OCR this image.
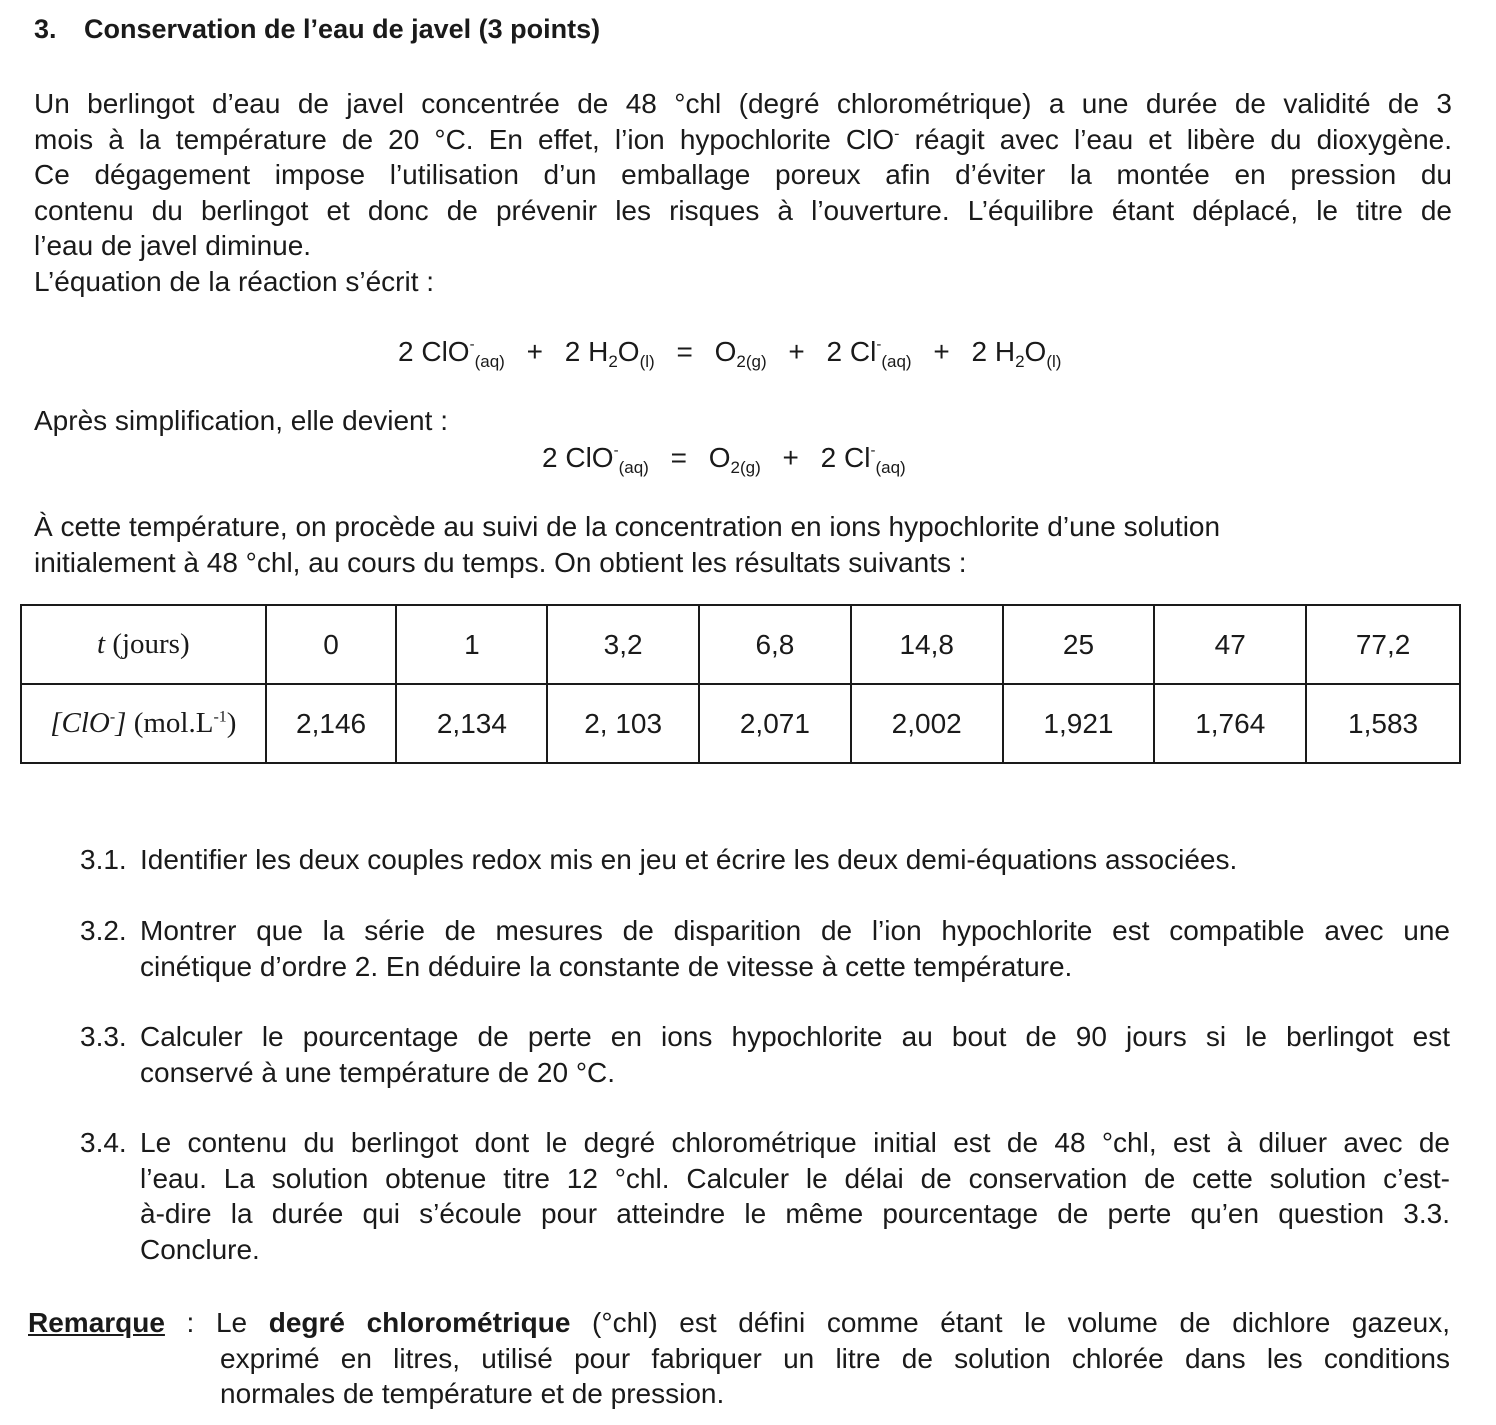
3. Conservation de l’eau de javel (3 points)
Un berlingot d’eau de javel concentrée de 48 °chl (degré chlorométrique) a une durée de validité de 3
mois à la température de 20 °C. En effet, l’ion hypochlorite ClO- réagit avec l’eau et libère du dioxygène.
Ce dégagement impose l’utilisation d’un emballage poreux afin d’éviter la montée en pression du
contenu du berlingot et donc de prévenir les risques à l’ouverture. L’équilibre étant déplacé, le titre de
l’eau de javel diminue.
L’équation de la réaction s’écrit :
2 ClO-$_{(aq)}$ + 2 $H_2O_{(l)} = O_{2(g)} + 2$ $Cl^-_{(aq)} + 2$ $H_2O_{(l)}$
Après simplification, elle devient :
2 $ClO^-_{(aq)} = O_{2(g)} + 2$ $Cl^-_{(aq)}$
À cette température, on procède au suivi de la concentration en ions hypochlorite d’une solution
initialement à 48 °chl, au cours du temps. On obtient les résultats suivants :
t (jours)	0	1	3,2	6,8	14,8	25	47	77,2
[ClO-] $(mol.L^{-1})$	2,146	2,134	2, 103	2,071	2,002	1,921	1,764	1,583
3.1. Identifier les deux couples redox mis en jeu et écrire les deux demi-équations associées.
3.2. Montrer que la série de mesures de disparition de l’ion hypochlorite est compatible avec une
cinétique d’ordre 2. En déduire la constante de vitesse à cette température.
3.3. Calculer le pourcentage de perte en ions hypochlorite au bout de 90 jours si le berlingot est
conservé à une température de 20 °C.
3.4. Le contenu du berlingot dont le degré chlorométrique initial est de 48 °chl, est à diluer avec de
l’eau. La solution obtenue titre 12 °chl. Calculer le délai de conservation de cette solution c’est-
à-dire la durée qui s’écoule pour atteindre le même pourcentage de perte qu’en question 3.3.
Conclure.
Remarque : Le degré chlorométrique (°chl) est défini comme étant le volume de dichlore gazeux,
exprimé en litres, utilisé pour fabriquer un litre de solution chlorée dans les conditions
normales de température et de pression.
